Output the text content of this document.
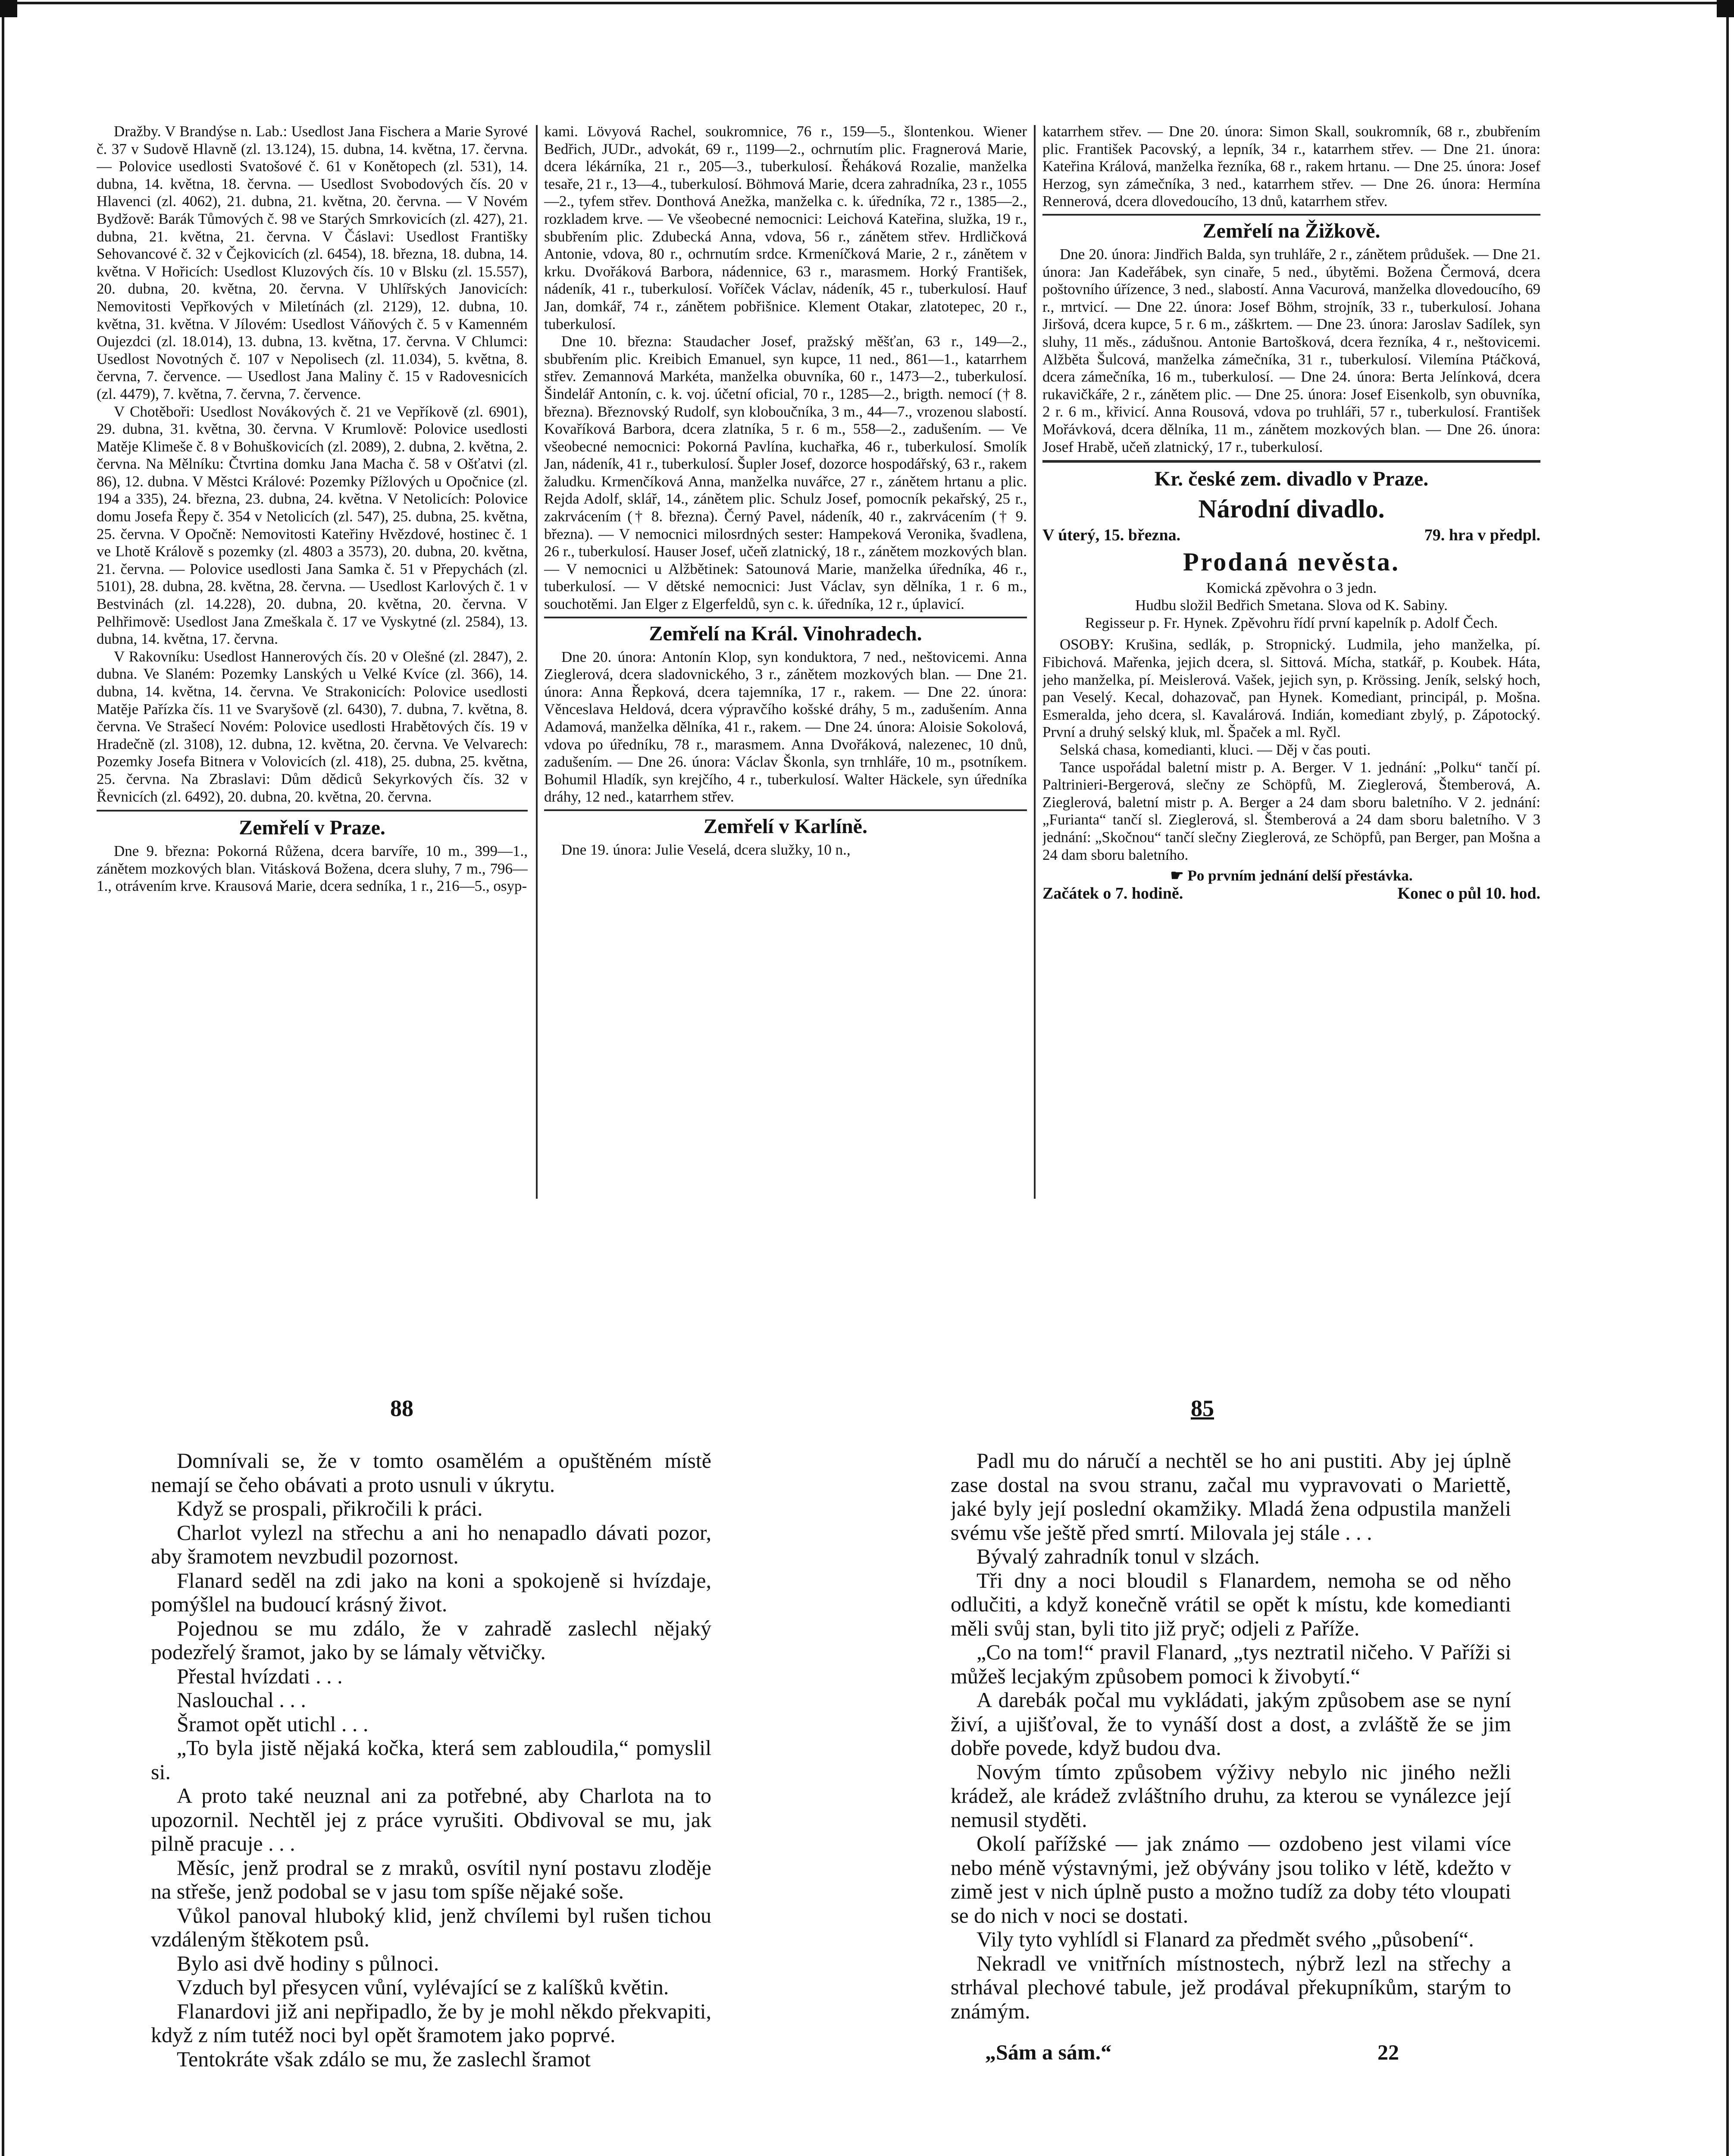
Dražby. V Brandýse n. Lab.: Usedlost Jana Fischera a Marie Syrové č. 37 v Sudově Hlavně (zl. 13.124), 15. dubna, 14. května, 17. června. — Polovice usedlosti Svatošové č. 61 v Konětopech (zl. 531), 14. dubna, 14. května, 18. června. — Usedlost Svobodových čís. 20 v Hlavenci (zl. 4062), 21. dubna, 21. května, 20. června. — V Novém Bydžově: Barák Tůmových č. 98 ve Starých Smrkovicích (zl. 427), 21. dubna, 21. května, 21. června. V Čáslavi: Usedlost Františky Sehovancové č. 32 v Čejkovicích (zl. 6454), 18. března, 18. dubna, 14. května. V Hořicích: Usedlost Kluzových čís. 10 v Blsku (zl. 15.557), 20. dubna, 20. května, 20. června. V Uhlířských Janovicích: Nemovitosti Vepřkových v Miletínách (zl. 2129), 12. dubna, 10. května, 31. května. V Jílovém: Usedlost Váňových č. 5 v Kamenném Oujezdci (zl. 18.014), 13. dubna, 13. května, 17. června. V Chlumci: Usedlost Novotných č. 107 v Nepolisech (zl. 11.034), 5. května, 8. června, 7. července. — Usedlost Jana Maliny č. 15 v Radovesnicích (zl. 4479), 7. května, 7. června, 7. července.

V Chotěboři: Usedlost Novákových č. 21 ve Vepříkově (zl. 6901), 29. dubna, 31. května, 30. června. V Krumlově: Polovice usedlosti Matěje Klimeše č. 8 v Bohuškovicích (zl. 2089), 2. dubna, 2. května, 2. června. Na Mělníku: Čtvrtina domku Jana Macha č. 58 v Ošťatvi (zl. 86), 12. dubna. V Městci Králové: Pozemky Pížlových u Opočnice (zl. 194 a 335), 24. března, 23. dubna, 24. května. V Netolicích: Polovice domu Josefa Řepy č. 354 v Netolicích (zl. 547), 25. dubna, 25. května, 25. června. V Opočně: Nemovitosti Kateřiny Hvězdové, hostinec č. 1 ve Lhotě Králově s pozemky (zl. 4803 a 3573), 20. dubna, 20. května, 21. června. — Polovice usedlosti Jana Samka č. 51 v Přepychách (zl. 5101), 28. dubna, 28. května, 28. června. — Usedlost Karlových č. 1 v Bestvinách (zl. 14.228), 20. dubna, 20. května, 20. června. V Pelhřimově: Usedlost Jana Zmeškala č. 17 ve Vyskytné (zl. 2584), 13. dubna, 14. května, 17. června.

V Rakovníku: Usedlost Hannerových čís. 20 v Olešné (zl. 2847), 2. dubna. Ve Slaném: Pozemky Lanských u Velké Kvíce (zl. 366), 14. dubna, 14. května, 14. června. Ve Strakonicích: Polovice usedlosti Matěje Pařízka čís. 11 ve Svaryšově (zl. 6430), 7. dubna, 7. května, 8. června. Ve Strašecí Novém: Polovice usedlosti Hrabětových čís. 19 v Hradečně (zl. 3108), 12. dubna, 12. května, 20. června. Ve Velvarech: Pozemky Josefa Bitnera v Volovicích (zl. 418), 25. dubna, 25. května, 25. června. Na Zbraslavi: Dům dědiců Sekyrkových čís. 32 v Řevnicích (zl. 6492), 20. dubna, 20. května, 20. června.

Zemřelí v Praze.

Dne 9. března: Pokorná Růžena, dcera barvíře, 10 m., 399—1., zánětem mozkových blan. Vitásková Božena, dcera sluhy, 7 m., 796—1., otrávením krve. Krausová Marie, dcera sedníka, 1 r., 216—5., osyp-

kami. Lövyová Rachel, soukromnice, 76 r., 159—5., šlontenkou. Wiener Bedřich, JUDr., advokát, 69 r., 1199—2., ochrnutím plic. Fragnerová Marie, dcera lékárníka, 21 r., 205—3., tuberkulosí. Řeháková Rozalie, manželka tesaře, 21 r., 13—4., tuberkulosí. Böhmová Marie, dcera zahradníka, 23 r., 1055—2., tyfem střev. Donthová Anežka, manželka c. k. úředníka, 72 r., 1385—2., rozkladem krve. — Ve všeobecné nemocnici: Leichová Kateřina, služka, 19 r., sbubřením plic. Zdubecká Anna, vdova, 56 r., zánětem střev. Hrdličková Antonie, vdova, 80 r., ochrnutím srdce. Krmeníčková Marie, 2 r., zánětem v krku. Dvořáková Barbora, nádennice, 63 r., marasmem. Horký František, nádeník, 41 r., tuberkulosí. Voříček Václav, nádeník, 45 r., tuberkulosí. Hauf Jan, domkář, 74 r., zánětem pobřišnice. Klement Otakar, zlatotepec, 20 r., tuberkulosí.

Dne 10. března: Staudacher Josef, pražský měšťan, 63 r., 149—2., sbubřením plic. Kreibich Emanuel, syn kupce, 11 ned., 861—1., katarrhem střev. Zemannová Markéta, manželka obuvníka, 60 r., 1473—2., tuberkulosí. Šindelář Antonín, c. k. voj. účetní oficial, 70 r., 1285—2., brigth. nemocí († 8. března). Březnovský Rudolf, syn kloboučníka, 3 m., 44—7., vrozenou slabostí. Kovaříková Barbora, dcera zlatníka, 5 r. 6 m., 558—2., zadušením. — Ve všeobecné nemocnici: Pokorná Pavlína, kuchařka, 46 r., tuberkulosí. Smolík Jan, nádeník, 41 r., tuberkulosí. Šupler Josef, dozorce hospodářský, 63 r., rakem žaludku. Krmenčíková Anna, manželka nuvářce, 27 r., zánětem hrtanu a plic. Rejda Adolf, sklář, 14., zánětem plic. Schulz Josef, pomocník pekařský, 25 r., zakrvácením († 8. března). Černý Pavel, nádeník, 40 r., zakrvácením († 9. března). — V nemocnici milosrdných sester: Hampeková Veronika, švadlena, 26 r., tuberkulosí. Hauser Josef, učeň zlatnický, 18 r., zánětem mozkových blan. — V nemocnici u Alžbětinek: Satounová Marie, manželka úředníka, 46 r., tuberkulosí. — V dětské nemocnici: Just Václav, syn dělníka, 1 r. 6 m., souchotěmi. Jan Elger z Elgerfeldů, syn c. k. úředníka, 12 r., úplavicí.

Zemřelí na Král. Vinohradech.

Dne 20. února: Antonín Klop, syn konduktora, 7 ned., neštovicemi. Anna Zieglerová, dcera sladovnického, 3 r., zánětem mozkových blan. — Dne 21. února: Anna Řepková, dcera tajemníka, 17 r., rakem. — Dne 22. února: Věnceslava Heldová, dcera výpravčího košské dráhy, 5 m., zadušením. Anna Adamová, manželka dělníka, 41 r., rakem. — Dne 24. února: Aloisie Sokolová, vdova po úředníku, 78 r., marasmem. Anna Dvořáková, nalezenec, 10 dnů, zadušením. — Dne 26. února: Václav Škonla, syn trnhláře, 10 m., psotníkem. Bohumil Hladík, syn krejčího, 4 r., tuberkulosí. Walter Häckele, syn úředníka dráhy, 12 ned., katarrhem střev.

Zemřelí v Karlíně.

Dne 19. února: Julie Veselá, dcera služky, 10 n.,

katarrhem střev. — Dne 20. února: Simon Skall, soukromník, 68 r., zbubřením plic. František Pacovský, a lepník, 34 r., katarrhem střev. — Dne 21. února: Kateřina Králová, manželka řezníka, 68 r., rakem hrtanu. — Dne 25. února: Josef Herzog, syn zámečníka, 3 ned., katarrhem střev. — Dne 26. února: Hermína Rennerová, dcera dlovedoucího, 13 dnů, katarrhem střev.

Zemřelí na Žižkově.

Dne 20. února: Jindřich Balda, syn truhláře, 2 r., zánětem průdušek. — Dne 21. února: Jan Kadeřábek, syn cinaře, 5 ned., úbytěmi. Božena Čermová, dcera poštovního úřízence, 3 ned., slabostí. Anna Vacurová, manželka dlovedoucího, 69 r., mrtvicí. — Dne 22. února: Josef Böhm, strojník, 33 r., tuberkulosí. Johana Jiršová, dcera kupce, 5 r. 6 m., záškrtem. — Dne 23. února: Jaroslav Sadílek, syn sluhy, 11 měs., zádušnou. Antonie Bartošková, dcera řezníka, 4 r., neštovicemi. Alžběta Šulcová, manželka zámečníka, 31 r., tuberkulosí. Vilemína Ptáčková, dcera zámečníka, 16 m., tuberkulosí. — Dne 24. února: Berta Jelínková, dcera rukavičkáře, 2 r., zánětem plic. — Dne 25. února: Josef Eisenkolb, syn obuvníka, 2 r. 6 m., křivicí. Anna Rousová, vdova po truhláři, 57 r., tuberkulosí. František Mořávková, dcera dělníka, 11 m., zánětem mozkových blan. — Dne 26. února: Josef Hrabě, učeň zlatnický, 17 r., tuberkulosí.

Kr. české zem. divadlo v Praze.
Národní divadlo.
V úterý, 15. března.	79. hra v předpl.
Prodaná nevěsta.

Komická zpěvohra o 3 jedn.

Hudbu složil Bedřich Smetana. Slova od K. Sabiny.

Regisseur p. Fr. Hynek. Zpěvohru řídí první kapelník p. Adolf Čech.

OSOBY: Krušina, sedlák, p. Stropnický. Ludmila, jeho manželka, pí. Fibichová. Mařenka, jejich dcera, sl. Sittová. Mícha, statkář, p. Koubek. Háta, jeho manželka, pí. Meislerová. Vašek, jejich syn, p. Krössing. Jeník, selský hoch, pan Veselý. Kecal, dohazovač, pan Hynek. Komediant, principál, p. Mošna. Esmeralda, jeho dcera, sl. Kavalárová. Indián, komediant zbylý, p. Zápotocký. První a druhý selský kluk, ml. Špaček a ml. Ryčl.

Selská chasa, komedianti, kluci. — Děj v čas pouti.

Tance uspořádal baletní mistr p. A. Berger. V 1. jednání: „Polku“ tančí pí. Paltrinieri-Bergerová, slečny ze Schöpfů, M. Zieglerová, Štemberová, A. Zieglerová, baletní mistr p. A. Berger a 24 dam sboru baletního. V 2. jednání: „Furianta“ tančí sl. Zieglerová, sl. Štemberová a 24 dam sboru baletního. V 3 jednání: „Skočnou“ tančí slečny Zieglerová, ze Schöpfů, pan Berger, pan Mošna a 24 dam sboru baletního.

☛ Po prvním jednání delší přestávka.

Začátek o 7. hodině.	Konec o půl 10. hod.
88

Domnívali se, že v tomto osamělém a opuštěném místě nemají se čeho obávati a proto usnuli v úkrytu.

Když se prospali, přikročili k práci.

Charlot vylezl na střechu a ani ho nenapadlo dávati pozor, aby šramotem nevzbudil pozornost.

Flanard seděl na zdi jako na koni a spokojeně si hvízdaje, pomýšlel na budoucí krásný život.

Pojednou se mu zdálo, že v zahradě zaslechl nějaký podezřelý šramot, jako by se lámaly větvičky.

Přestal hvízdati . . .

Naslouchal . . .

Šramot opět utichl . . .

„To byla jistě nějaká kočka, která sem zabloudila,“ pomyslil si.

A proto také neuznal ani za potřebné, aby Charlota na to upozornil. Nechtěl jej z práce vyrušiti. Obdivoval se mu, jak pilně pracuje . . .

Měsíc, jenž prodral se z mraků, osvítil nyní postavu zloděje na střeše, jenž podobal se v jasu tom spíše nějaké soše.

Vůkol panoval hluboký klid, jenž chvílemi byl rušen tichou vzdáleným štěkotem psů.

Bylo asi dvě hodiny s půlnoci.

Vzduch byl přesycen vůní, vylévající se z kalíšků květin.

Flanardovi již ani nepřipadlo, že by je mohl někdo překvapiti, když z ním tutéž noci byl opět šramotem jako poprvé.

Tentokráte však zdálo se mu, že zaslechl šramot

85

Padl mu do náručí a nechtěl se ho ani pustiti. Aby jej úplně zase dostal na svou stranu, začal mu vypravovati o Mariettě, jaké byly její poslední okamžiky. Mladá žena odpustila manželi svému vše ještě před smrtí. Milovala jej stále . . .

Bývalý zahradník tonul v slzách.

Tři dny a noci bloudil s Flanardem, nemoha se od něho odlučiti, a když konečně vrátil se opět k místu, kde komedianti měli svůj stan, byli tito již pryč; odjeli z Paříže.

„Co na tom!“ pravil Flanard, „tys neztratil ničeho. V Paříži si můžeš lecjakým způsobem pomoci k živobytí.“

A darebák počal mu vykládati, jakým způsobem ase se nyní živí, a ujišťoval, že to vynáší dost a dost, a zvláště že se jim dobře povede, když budou dva.

Novým tímto způsobem výživy nebylo nic jiného nežli krádež, ale krádež zvláštního druhu, za kterou se vynálezce její nemusil styděti.

Okolí pařížské — jak známo — ozdobeno jest vilami více nebo méně výstavnými, jež obývány jsou toliko v létě, kdežto v zimě jest v nich úplně pusto a možno tudíž za doby této vloupati se do nich v noci se dostati.

Vily tyto vyhlídl si Flanard za předmět svého „působení“.

Nekradl ve vnitřních místnostech, nýbrž lezl na střechy a strhával plechové tabule, jež prodával překupníkům, starým to známým.

„Sám a sám.“	22
